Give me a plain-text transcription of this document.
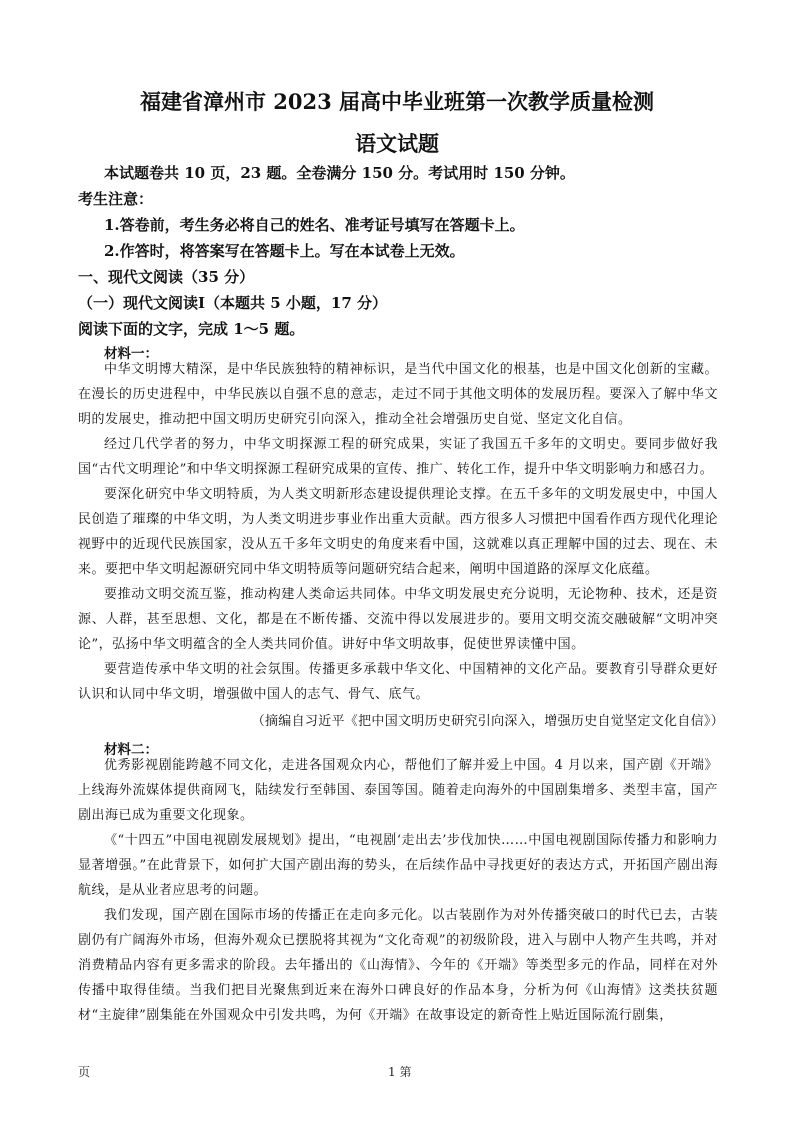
福建省漳州市 2023 届高中毕业班第一次教学质量检测
语文试题
本试题卷共 10 页，23 题。全卷满分 150 分。考试用时 150 分钟。
考生注意：
1.答卷前，考生务必将自己的姓名、准考证号填写在答题卡上。
2.作答时，将答案写在答题卡上。写在本试卷上无效。
一、现代文阅读（35 分）
（一）现代文阅读Ⅰ（本题共 5 小题，17 分）
阅读下面的文字，完成 1～5 题。
材料一：

中华文明博大精深，是中华民族独特的精神标识，是当代中国文化的根基，也是中国文化创新的宝藏。在漫长的历史进程中，中华民族以自强不息的意志，走过不同于其他文明体的发展历程。要深入了解中华文明的发展史，推动把中国文明历史研究引向深入，推动全社会增强历史自觉、坚定文化自信。

经过几代学者的努力，中华文明探源工程的研究成果，实证了我国五千多年的文明史。要同步做好我国“古代文明理论”和中华文明探源工程研究成果的宣传、推广、转化工作，提升中华文明影响力和感召力。

要深化研究中华文明特质，为人类文明新形态建设提供理论支撑。在五千多年的文明发展史中，中国人民创造了璀璨的中华文明，为人类文明进步事业作出重大贡献。西方很多人习惯把中国看作西方现代化理论视野中的近现代民族国家，没从五千多年文明史的角度来看中国，这就难以真正理解中国的过去、现在、未来。要把中华文明起源研究同中华文明特质等问题研究结合起来，阐明中国道路的深厚文化底蕴。

要推动文明交流互鉴，推动构建人类命运共同体。中华文明发展史充分说明，无论物种、技术，还是资源、人群，甚至思想、文化，都是在不断传播、交流中得以发展进步的。要用文明交流交融破解“文明冲突论”，弘扬中华文明蕴含的全人类共同价值。讲好中华文明故事，促使世界读懂中国。

要营造传承中华文明的社会氛围。传播更多承载中华文化、中国精神的文化产品。要教育引导群众更好认识和认同中华文明，增强做中国人的志气、骨气、底气。

（摘编自习近平《把中国文明历史研究引向深入，增强历史自觉坚定文化自信》）
材料二：

优秀影视剧能跨越不同文化，走进各国观众内心，帮他们了解并爱上中国。4 月以来，国产剧《开端》上线海外流媒体提供商网飞，陆续发行至韩国、泰国等国。随着走向海外的中国剧集增多、类型丰富，国产剧出海已成为重要文化现象。

《“十四五”中国电视剧发展规划》提出，“电视剧‘走出去’步伐加快……中国电视剧国际传播力和影响力显著增强。”在此背景下，如何扩大国产剧出海的势头，在后续作品中寻找更好的表达方式，开拓国产剧出海航线，是从业者应思考的问题。

我们发现，国产剧在国际市场的传播正在走向多元化。以古装剧作为对外传播突破口的时代已去，古装剧仍有广阔海外市场，但海外观众已摆脱将其视为“文化奇观”的初级阶段，进入与剧中人物产生共鸣，并对消费精品内容有更多需求的阶段。去年播出的《山海情》、今年的《开端》等类型多元的作品，同样在对外传播中取得佳绩。当我们把目光聚焦到近来在海外口碑良好的作品本身，分析为何《山海情》这类扶贫题材“主旋律”剧集能在外国观众中引发共鸣，为何《开端》在故事设定的新奇性上贴近国际流行剧集，

页	1 第
